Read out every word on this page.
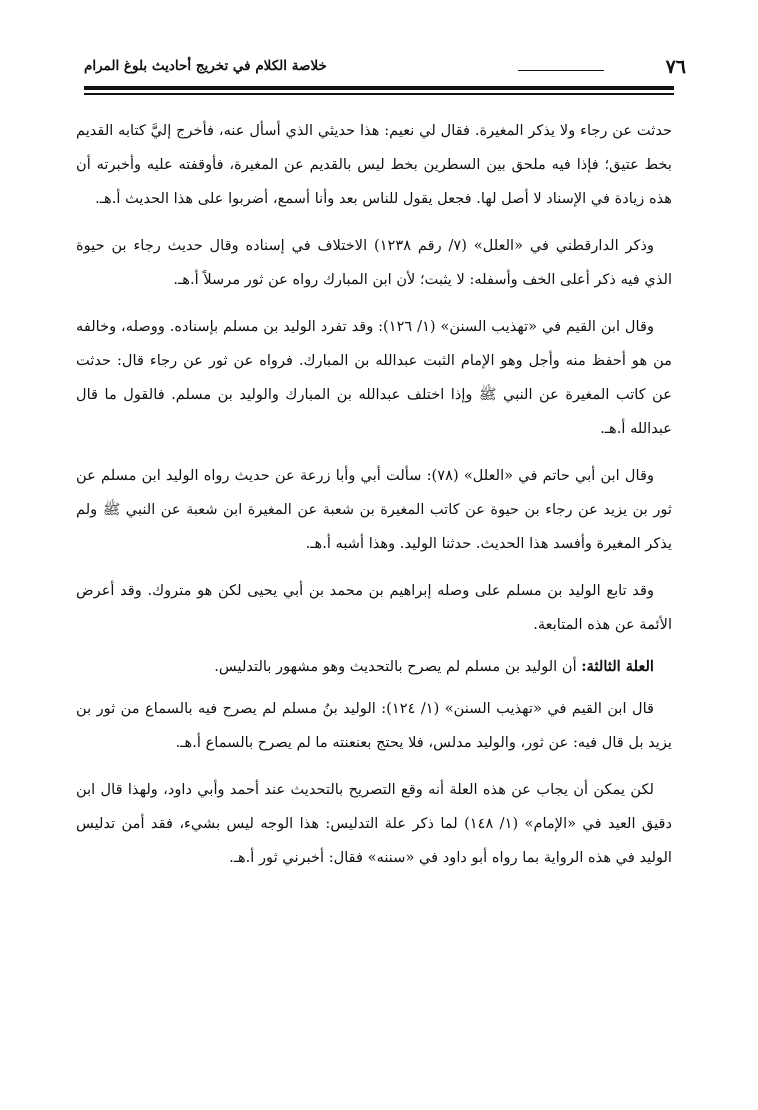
٧٦
خلاصة الكلام في تخريج أحاديث بلوغ المرام

حدثت عن رجاء ولا يذكر المغيرة. فقال لي نعيم: هذا حديثي الذي أسأل عنه، فأخرج إليَّ كتابه القديم بخط عتيق؛ فإذا فيه ملحق بين السطرين بخط ليس بالقديم عن المغيرة، فأوقفته عليه وأخبرته أن هذه زيادة في الإسناد لا أصل لها. فجعل يقول للناس بعد وأنا أسمع، أضربوا على هذا الحديث أ.هـ.

وذكر الدارقطني في «العلل» (٧/ رقم ١٢٣٨) الاختلاف في إسناده وقال حديث رجاء بن حيوة الذي فيه ذكر أعلى الخف وأسفله: لا يثبت؛ لأن ابن المبارك رواه عن ثور مرسلاً أ.هـ.

وقال ابن القيم في «تهذيب السنن» (١/ ١٢٦): وقد تفرد الوليد بن مسلم بإسناده. ووصله، وخالفه من هو أحفظ منه وأجل وهو الإمام الثبت عبدالله بن المبارك. فرواه عن ثور عن رجاء قال: حدثت عن كاتب المغيرة عن النبي ﷺ وإذا اختلف عبدالله بن المبارك والوليد بن مسلم. فالقول ما قال عبدالله أ.هـ.

وقال ابن أبي حاتم في «العلل» (٧٨): سألت أبي وأبا زرعة عن حديث رواه الوليد ابن مسلم عن ثور بن يزيد عن رجاء بن حيوة عن كاتب المغيرة بن شعبة عن المغيرة ابن شعبة عن النبي ﷺ ولم يذكر المغيرة وأفسد هذا الحديث. حدثنا الوليد. وهذا أشبه أ.هـ.

وقد تابع الوليد بن مسلم على وصله إبراهيم بن محمد بن أبي يحيى لكن هو متروك. وقد أعرض الأئمة عن هذه المتابعة.

العلة الثالثة: أن الوليد بن مسلم لم يصرح بالتحديث وهو مشهور بالتدليس.

قال ابن القيم في «تهذيب السنن» (١/ ١٢٤): الوليد بنُ مسلم لم يصرح فيه بالسماع من ثور بن يزيد بل قال فيه: عن ثور، والوليد مدلس، فلا يحتج بعنعنته ما لم يصرح بالسماع أ.هـ.

لكن يمكن أن يجاب عن هذه العلة أنه وقع التصريح بالتحديث عند أحمد وأبي داود، ولهذا قال ابن دقيق العيد في «الإمام» (١/ ١٤٨) لما ذكر علة التدليس: هذا الوجه ليس بشيء، فقد أمن تدليس الوليد في هذه الرواية بما رواه أبو داود في «سننه» فقال: أخبرني ثور أ.هـ.
